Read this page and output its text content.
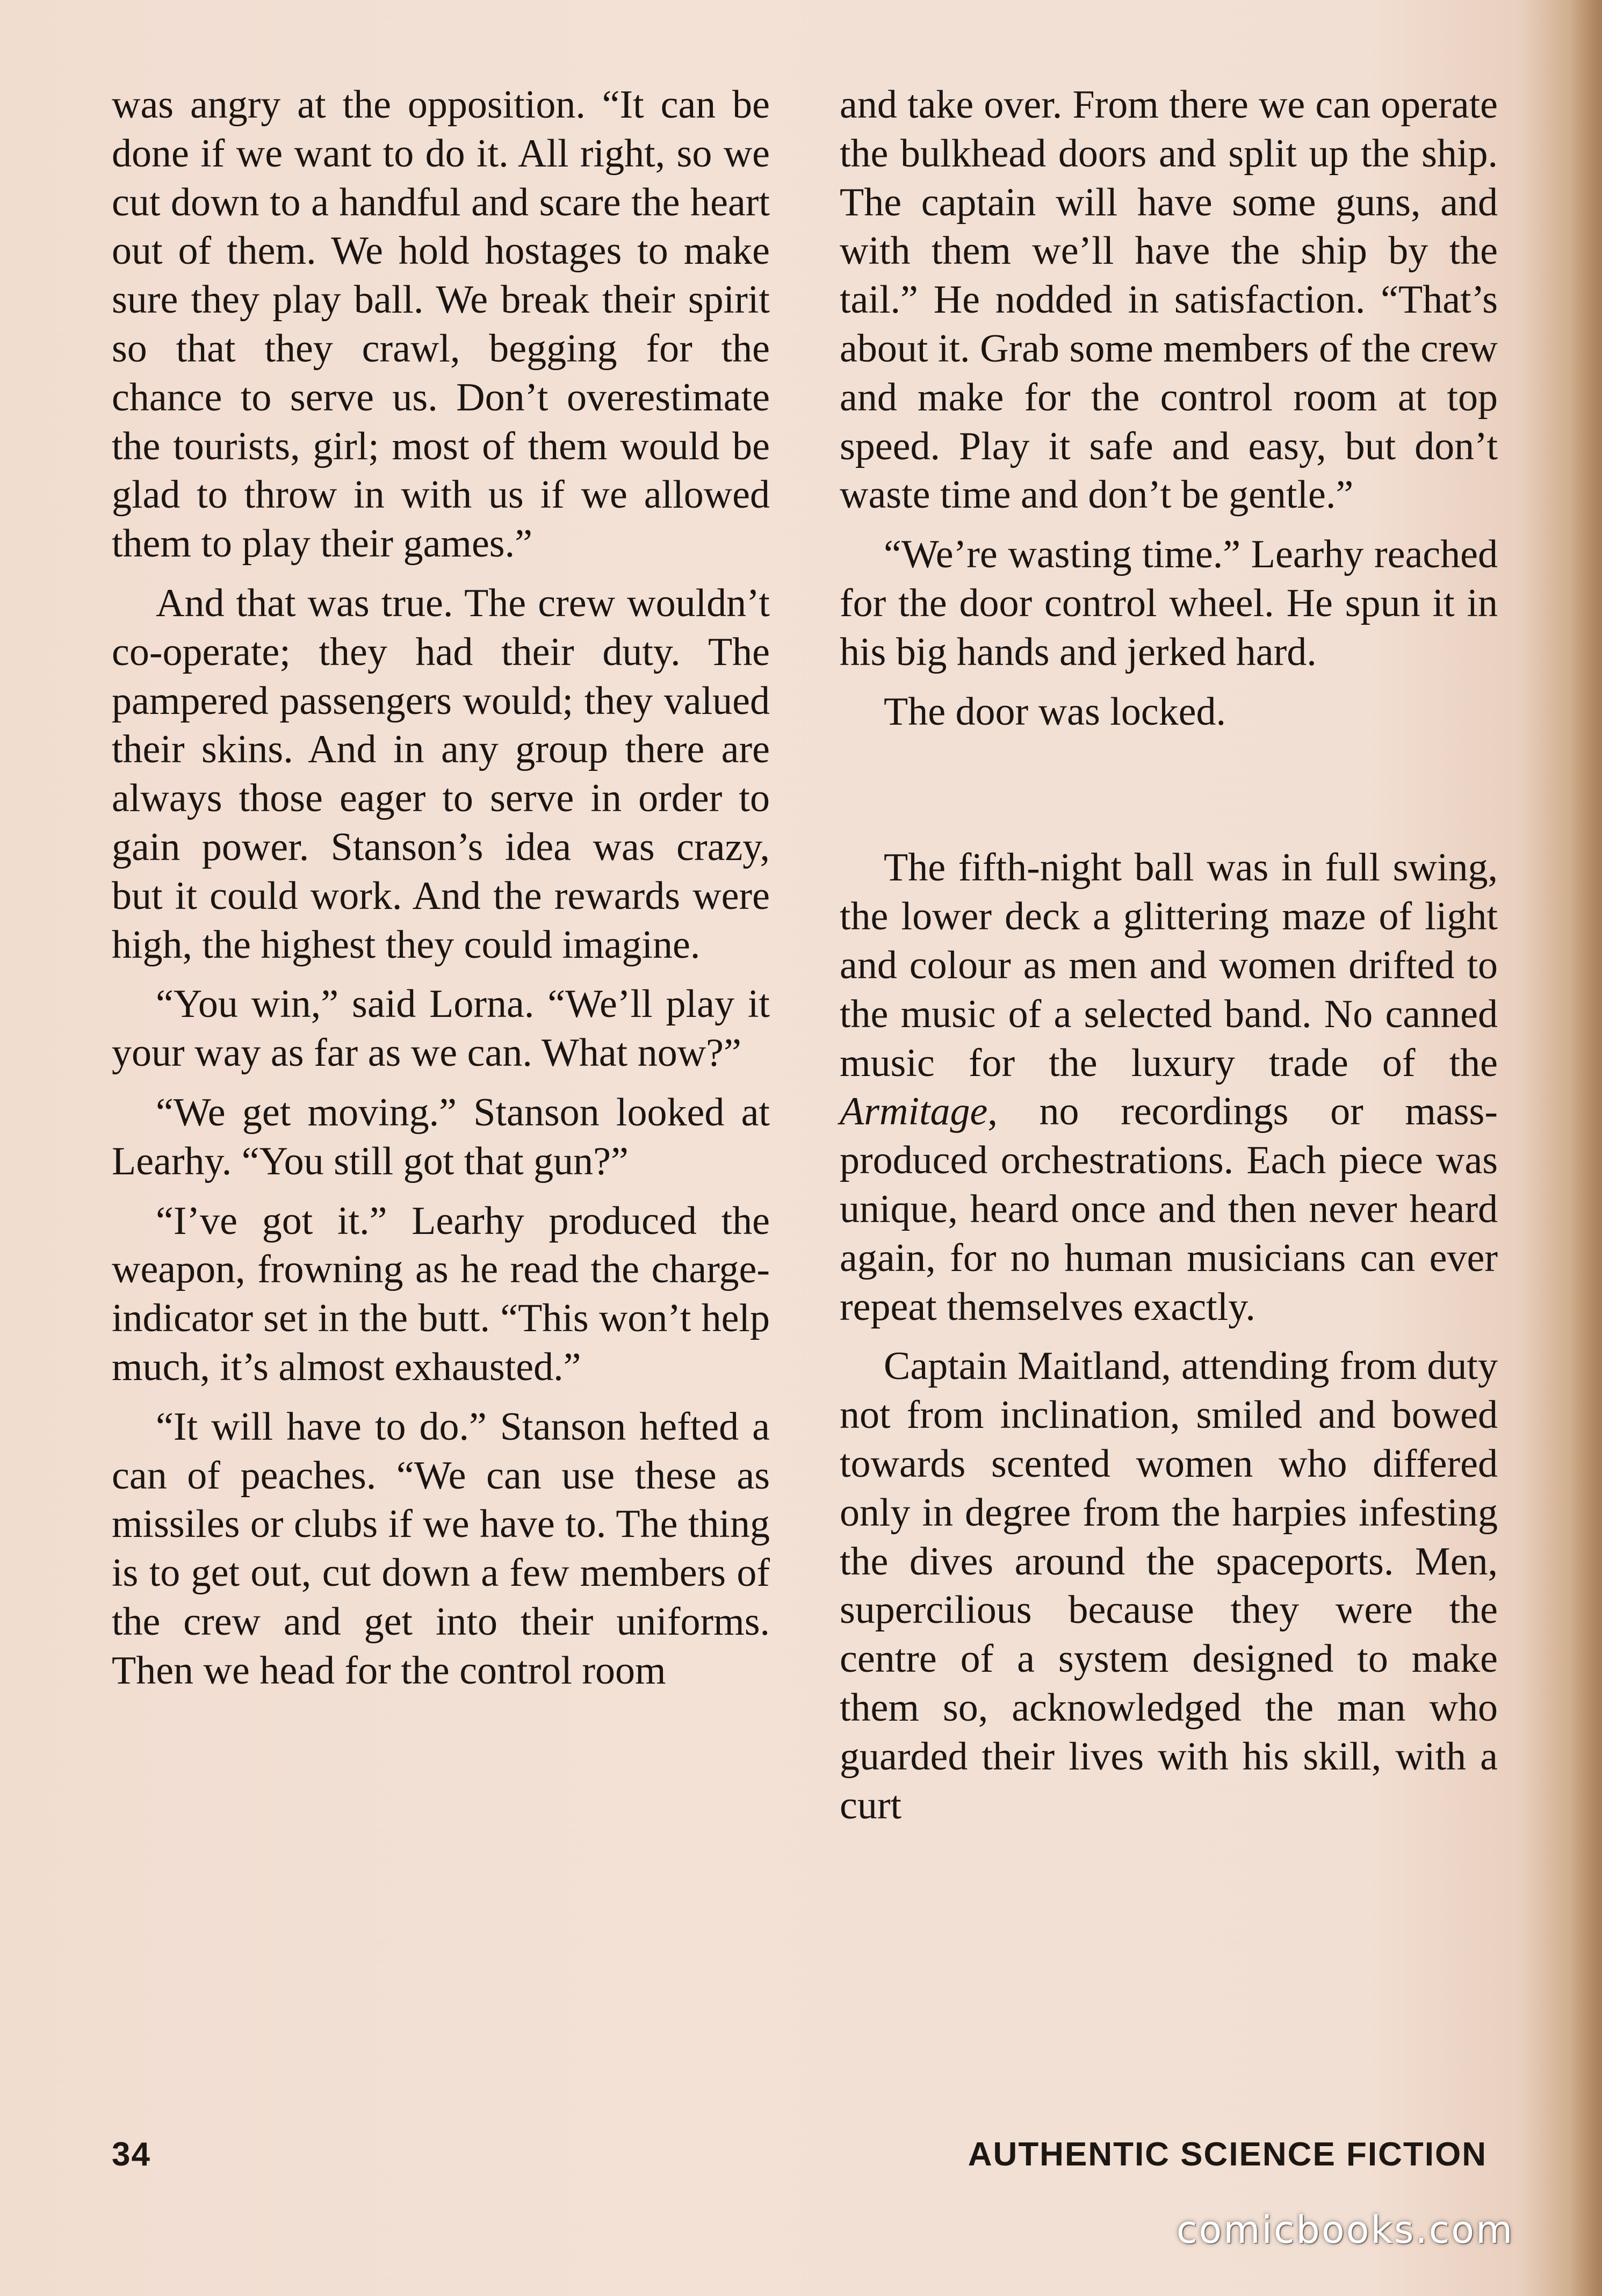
was angry at the opposition. “It can be done if we want to do it. All right, so we cut down to a handful and scare the heart out of them. We hold hostages to make sure they play ball. We break their spirit so that they crawl, begging for the chance to serve us. Don’t overestimate the tourists, girl; most of them would be glad to throw in with us if we allowed them to play their games.”

And that was true. The crew wouldn’t co-operate; they had their duty. The pampered passengers would; they valued their skins. And in any group there are always those eager to serve in order to gain power. Stanson’s idea was crazy, but it could work. And the rewards were high, the highest they could imagine.

“You win,” said Lorna. “We’ll play it your way as far as we can. What now?”

“We get moving.” Stanson looked at Learhy. “You still got that gun?”

“I’ve got it.” Learhy produced the weapon, frowning as he read the charge-indicator set in the butt. “This won’t help much, it’s almost exhausted.”

“It will have to do.” Stanson hefted a can of peaches. “We can use these as missiles or clubs if we have to. The thing is to get out, cut down a few members of the crew and get into their uniforms. Then we head for the control room

and take over. From there we can operate the bulkhead doors and split up the ship. The captain will have some guns, and with them we’ll have the ship by the tail.” He nodded in satisfaction. “That’s about it. Grab some members of the crew and make for the control room at top speed. Play it safe and easy, but don’t waste time and don’t be gentle.”

“We’re wasting time.” Learhy reached for the door control wheel. He spun it in his big hands and jerked hard.

The door was locked.

The fifth-night ball was in full swing, the lower deck a glittering maze of light and colour as men and women drifted to the music of a selected band. No canned music for the luxury trade of the Armitage, no recordings or mass-produced orchestrations. Each piece was unique, heard once and then never heard again, for no human musicians can ever repeat themselves exactly.

Captain Maitland, attending from duty not from inclination, smiled and bowed towards scented women who differed only in degree from the harpies infesting the dives around the spaceports. Men, supercilious because they were the centre of a system designed to make them so, acknowledged the man who guarded their lives with his skill, with a curt

34	AUTHENTIC SCIENCE FICTION
comicbooks.com
